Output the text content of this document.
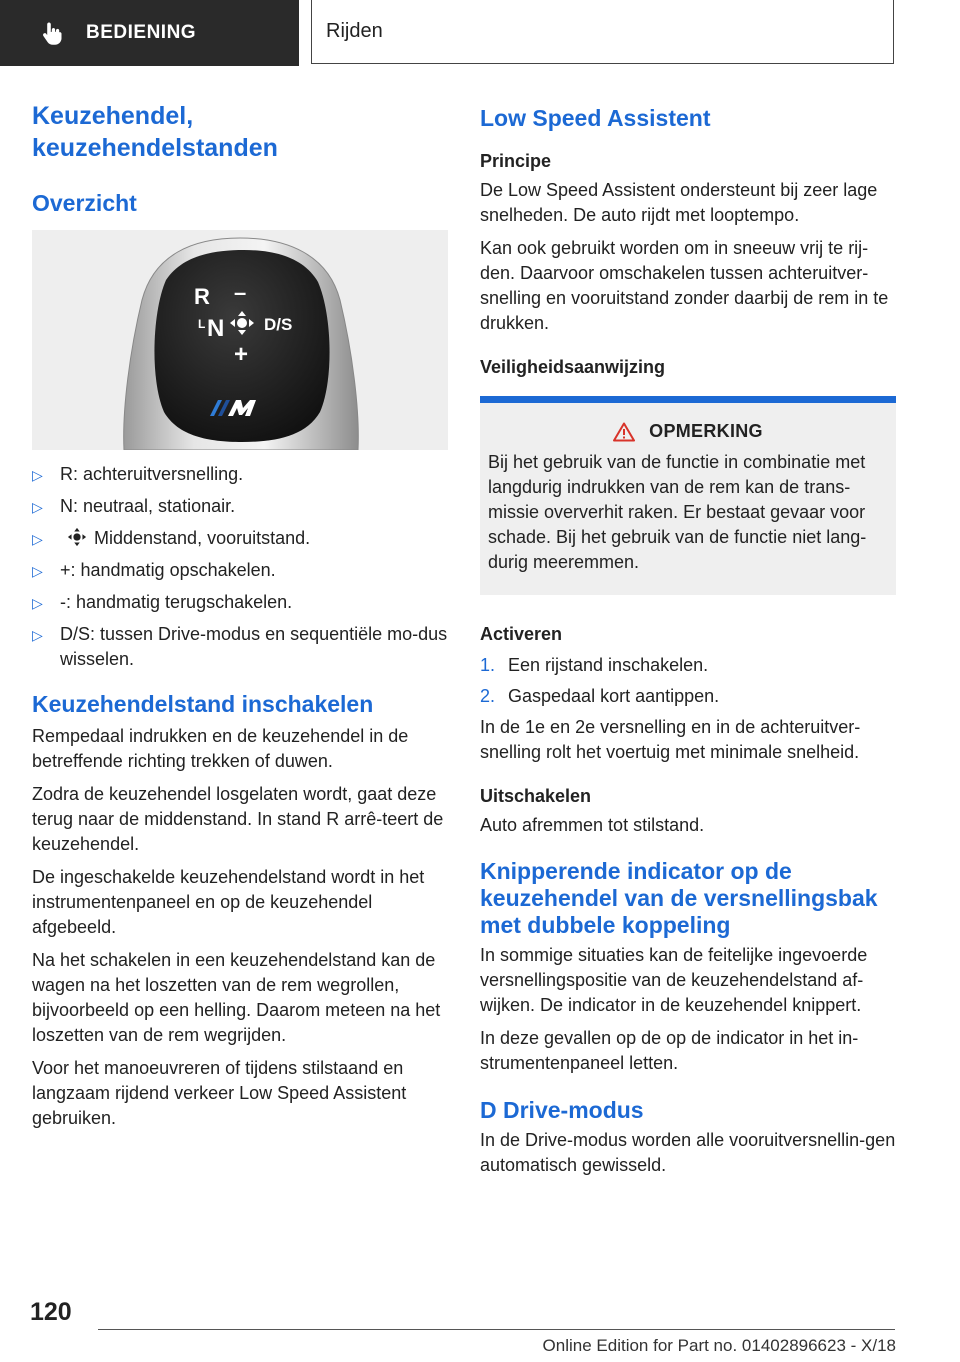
BEDIENING	Rijden
Keuzehendel, keuzehendelstanden
Overzicht
R –
L N D/S
+
▷ R: achteruitversnelling.
▷ N: neutraal, stationair.
▷	Middenstand, vooruitstand.
▷ +: handmatig opschakelen.
▷ -: handmatig terugschakelen.
▷ D/S: tussen Drive-modus en sequentiële mo-dus wisselen.
Keuzehendelstand inschakelen

Rempedaal indrukken en de keuzehendel in de betreffende richting trekken of duwen.

Zodra de keuzehendel losgelaten wordt, gaat deze terug naar de middenstand. In stand R arrê-teert de keuzehendel.

De ingeschakelde keuzehendelstand wordt in het instrumentenpaneel en op de keuzehendel afgebeeld.

Na het schakelen in een keuzehendelstand kan de wagen na het loszetten van de rem wegrollen, bijvoorbeeld op een helling. Daarom meteen na het loszetten van de rem wegrijden.

Voor het manoeuvreren of tijdens stilstaand en langzaam rijdend verkeer Low Speed Assistent gebruiken.

Low Speed Assistent
Principe

De Low Speed Assistent ondersteunt bij zeer lage snelheden. De auto rijdt met looptempo.

Kan ook gebruikt worden om in sneeuw vrij te rij-den. Daarvoor omschakelen tussen achteruitver-snelling en vooruitstand zonder daarbij de rem in te drukken.

Veiligheidsaanwijzing
OPMERKING

Bij het gebruik van de functie in combinatie met langdurig indrukken van de rem kan de trans-missie oververhit raken. Er bestaat gevaar voor schade. Bij het gebruik van de functie niet lang-durig meeremmen.

Activeren
1. Een rijstand inschakelen.
2. Gaspedaal kort aantippen.

In de 1e en 2e versnelling en in de achteruitver-snelling rolt het voertuig met minimale snelheid.

Uitschakelen

Auto afremmen tot stilstand.

Knipperende indicator op de keuzehendel van de versnellingsbak met dubbele koppeling

In sommige situaties kan de feitelijke ingevoerde versnellingspositie van de keuzehendelstand af-wijken. De indicator in de keuzehendel knippert.

In deze gevallen op de op de indicator in het in-strumentenpaneel letten.

D Drive-modus

In de Drive-modus worden alle vooruitversnellin-gen automatisch gewisseld.

120
Online Edition for Part no. 01402896623 - X/18
